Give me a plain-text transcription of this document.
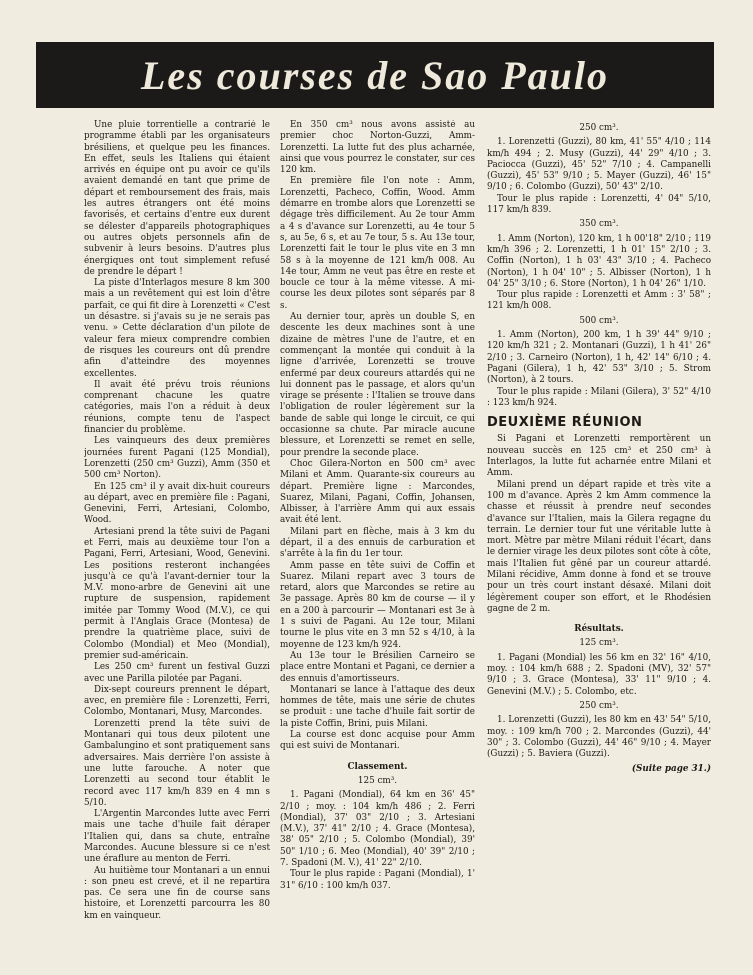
Les courses de Sao Paulo

Une pluie torrentielle a contrarié le programme établi par les organisateurs brésiliens, et quelque peu les finances. En effet, seuls les Italiens qui étaient arrivés en équipe ont pu avoir ce qu'ils avaient demandé en tant que prime de départ et remboursement des frais, mais les autres étrangers ont été moins favorisés, et certains d'entre eux durent se délester d'appareils photographiques ou autres objets personnels afin de subvenir à leurs besoins. D'autres plus énergiques ont tout simplement refusé de prendre le départ !

La piste d'Interlagos mesure 8 km 300 mais a un revêtement qui est loin d'être parfait, ce qui fit dire à Lorenzetti « C'est un désastre. si j'avais su je ne serais pas venu. » Cette déclaration d'un pilote de valeur fera mieux comprendre combien de risques les coureurs ont dû prendre afin d'atteindre des moyennes excellentes.

Il avait été prévu trois réunions comprenant chacune les quatre catégories, mais l'on a réduit à deux réunions, compte tenu de l'aspect financier du problème.

Les vainqueurs des deux premières journées furent Pagani (125 Mondial), Lorenzetti (250 cm³ Guzzi), Amm (350 et 500 cm³ Norton).

En 125 cm³ il y avait dix-huit coureurs au départ, avec en première file : Pagani, Genevini, Ferri, Artesiani, Colombo, Wood.

Artesiani prend la tête suivi de Pagani et Ferri, mais au deuxième tour l'on a Pagani, Ferri, Artesiani, Wood, Genevini. Les positions resteront inchangées jusqu'à ce qu'à l'avant-dernier tour la M.V. mono-arbre de Genevini ait une rupture de suspension, rapidement imitée par Tommy Wood (M.V.), ce qui permit à l'Anglais Grace (Montesa) de prendre la quatrième place, suivi de Colombo (Mondial) et Meo (Mondial), premier sud-américain.

Les 250 cm³ furent un festival Guzzi avec une Parilla pilotée par Pagani.

Dix-sept coureurs prennent le départ, avec, en première file : Lorenzetti, Ferri, Colombo, Montanari, Musy, Marcondes.

Lorenzetti prend la tête suivi de Montanari qui tous deux pilotent une Gambalungino et sont pratiquement sans adversaires. Mais derrière l'on assiste à une lutte farouche. A noter que Lorenzetti au second tour établit le record avec 117 km/h 839 en 4 mn s 5/10.

L'Argentin Marcondes lutte avec Ferri mais une tache d'huile fait déraper l'Italien qui, dans sa chute, entraîne Marcondes. Aucune blessure si ce n'est une éraflure au menton de Ferri.

Au huitième tour Montanari a un ennui : son pneu est crevé, et il ne repartira pas. Ce sera une fin de course sans histoire, et Lorenzetti parcourra les 80 km en vainqueur.

En 350 cm³ nous avons assisté au premier choc Norton-Guzzi, Amm-Lorenzetti. La lutte fut des plus acharnée, ainsi que vous pourrez le constater, sur ces 120 km.

En première file l'on note : Amm, Lorenzetti, Pacheco, Coffin, Wood. Amm démarre en trombe alors que Lorenzetti se dégage très difficilement. Au 2e tour Amm a 4 s d'avance sur Lorenzetti, au 4e tour 5 s, au 5e, 6 s, et au 7e tour, 5 s. Au 13e tour, Lorenzetti fait le tour le plus vite en 3 mn 58 s à la moyenne de 121 km/h 008. Au 14e tour, Amm ne veut pas être en reste et boucle ce tour à la même vitesse. A mi-course les deux pilotes sont séparés par 8 s.

Au dernier tour, après un double S, en descente les deux machines sont à une dizaine de mètres l'une de l'autre, et en commençant la montée qui conduit à la ligne d'arrivée, Lorenzetti se trouve enfermé par deux coureurs attardés qui ne lui donnent pas le passage, et alors qu'un virage se présente : l'Italien se trouve dans l'obligation de rouler légèrement sur la bande de sable qui longe le circuit, ce qui occasionne sa chute. Par miracle aucune blessure, et Lorenzetti se remet en selle, pour prendre la seconde place.

Choc Gilera-Norton en 500 cm³ avec Milani et Amm. Quarante-six coureurs au départ. Première ligne : Marcondes, Suarez, Milani, Pagani, Coffin, Johansen, Albisser, à l'arrière Amm qui aux essais avait été lent.

Milani part en flèche, mais à 3 km du départ, il a des ennuis de carburation et s'arrête à la fin du 1er tour.

Amm passe en tête suivi de Coffin et Suarez. Milani repart avec 3 tours de retard, alors que Marcondes se retire au 3e passage. Après 80 km de course — il y en a 200 à parcourir — Montanari est 3e à 1 s suivi de Pagani. Au 12e tour, Milani tourne le plus vite en 3 mn 52 s 4/10, à la moyenne de 123 km/h 924.

Au 13e tour le Brésilien Carneiro se place entre Montani et Pagani, ce dernier a des ennuis d'amortisseurs.

Montanari se lance à l'attaque des deux hommes de tête, mais une série de chutes se produit : une tache d'huile fait sortir de la piste Coffin, Brini, puis Milani.

La course est donc acquise pour Amm qui est suivi de Montanari.

Classement.

125 cm³.

1. Pagani (Mondial), 64 km en 36' 45" 2/10 ; moy. : 104 km/h 486 ; 2. Ferri (Mondial), 37' 03" 2/10 ; 3. Artesiani (M.V.), 37' 41" 2/10 ; 4. Grace (Montesa), 38' 05" 2/10 ; 5. Colombo (Mondial), 39' 50" 1/10 ; 6. Meo (Mondial), 40' 39" 2/10 ; 7. Spadoni (M. V.), 41' 22" 2/10.

Tour le plus rapide : Pagani (Mondial), 1' 31" 6/10 : 100 km/h 037.

250 cm³.

1. Lorenzetti (Guzzi), 80 km, 41' 55" 4/10 ; 114 km/h 494 ; 2. Musy (Guzzi), 44' 29" 4/10 ; 3. Paciocca (Guzzi), 45' 52" 7/10 ; 4. Campanelli (Guzzi), 45' 53" 9/10 ; 5. Mayer (Guzzi), 46' 15" 9/10 ; 6. Colombo (Guzzi), 50' 43" 2/10.

Tour le plus rapide : Lorenzetti, 4' 04" 5/10, 117 km/h 839.

350 cm³.

1. Amm (Norton), 120 km, 1 h 00'18" 2/10 ; 119 km/h 396 ; 2. Lorenzetti, 1 h 01' 15" 2/10 ; 3. Coffin (Norton), 1 h 03' 43" 3/10 ; 4. Pacheco (Norton), 1 h 04' 10" ; 5. Albisser (Norton), 1 h 04' 25" 3/10 ; 6. Store (Norton), 1 h 04' 26" 1/10.

Tour plus rapide : Lorenzetti et Amm : 3' 58" ; 121 km/h 008.

500 cm³.

1. Amm (Norton), 200 km, 1 h 39' 44" 9/10 ; 120 km/h 321 ; 2. Montanari (Guzzi), 1 h 41' 26" 2/10 ; 3. Carneiro (Norton), 1 h, 42' 14" 6/10 ; 4. Pagani (Gilera), 1 h, 42' 53" 3/10 ; 5. Strom (Norton), à 2 tours.

Tour le plus rapide : Milani (Gilera), 3' 52" 4/10 : 123 km/h 924.

DEUXIÈME RÉUNION

Si Pagani et Lorenzetti remportèrent un nouveau succès en 125 cm³ et 250 cm³ à Interlagos, la lutte fut acharnée entre Milani et Amm.

Milani prend un départ rapide et très vite a 100 m d'avance. Après 2 km Amm commence la chasse et réussit à prendre neuf secondes d'avance sur l'Italien, mais la Gilera regagne du terrain. Le dernier tour fut une véritable lutte à mort. Mètre par mètre Milani réduit l'écart, dans le dernier virage les deux pilotes sont côte à côte, mais l'Italien fut gêné par un coureur attardé. Milani récidive, Amm donne à fond et se trouve pour un très court instant désaxé. Milani doit légèrement couper son effort, et le Rhodésien gagne de 2 m.

Résultats.

125 cm³.

1. Pagani (Mondial) les 56 km en 32' 16" 4/10, moy. : 104 km/h 688 ; 2. Spadoni (MV), 32' 57" 9/10 ; 3. Grace (Montesa), 33' 11" 9/10 ; 4. Genevini (M.V.) ; 5. Colombo, etc.

250 cm³.

1. Lorenzetti (Guzzi), les 80 km en 43' 54" 5/10, moy. : 109 km/h 700 ; 2. Marcondes (Guzzi), 44' 30" ; 3. Colombo (Guzzi), 44' 46" 9/10 ; 4. Mayer (Guzzi) ; 5. Baviera (Guzzi).

(Suite page 31.)
